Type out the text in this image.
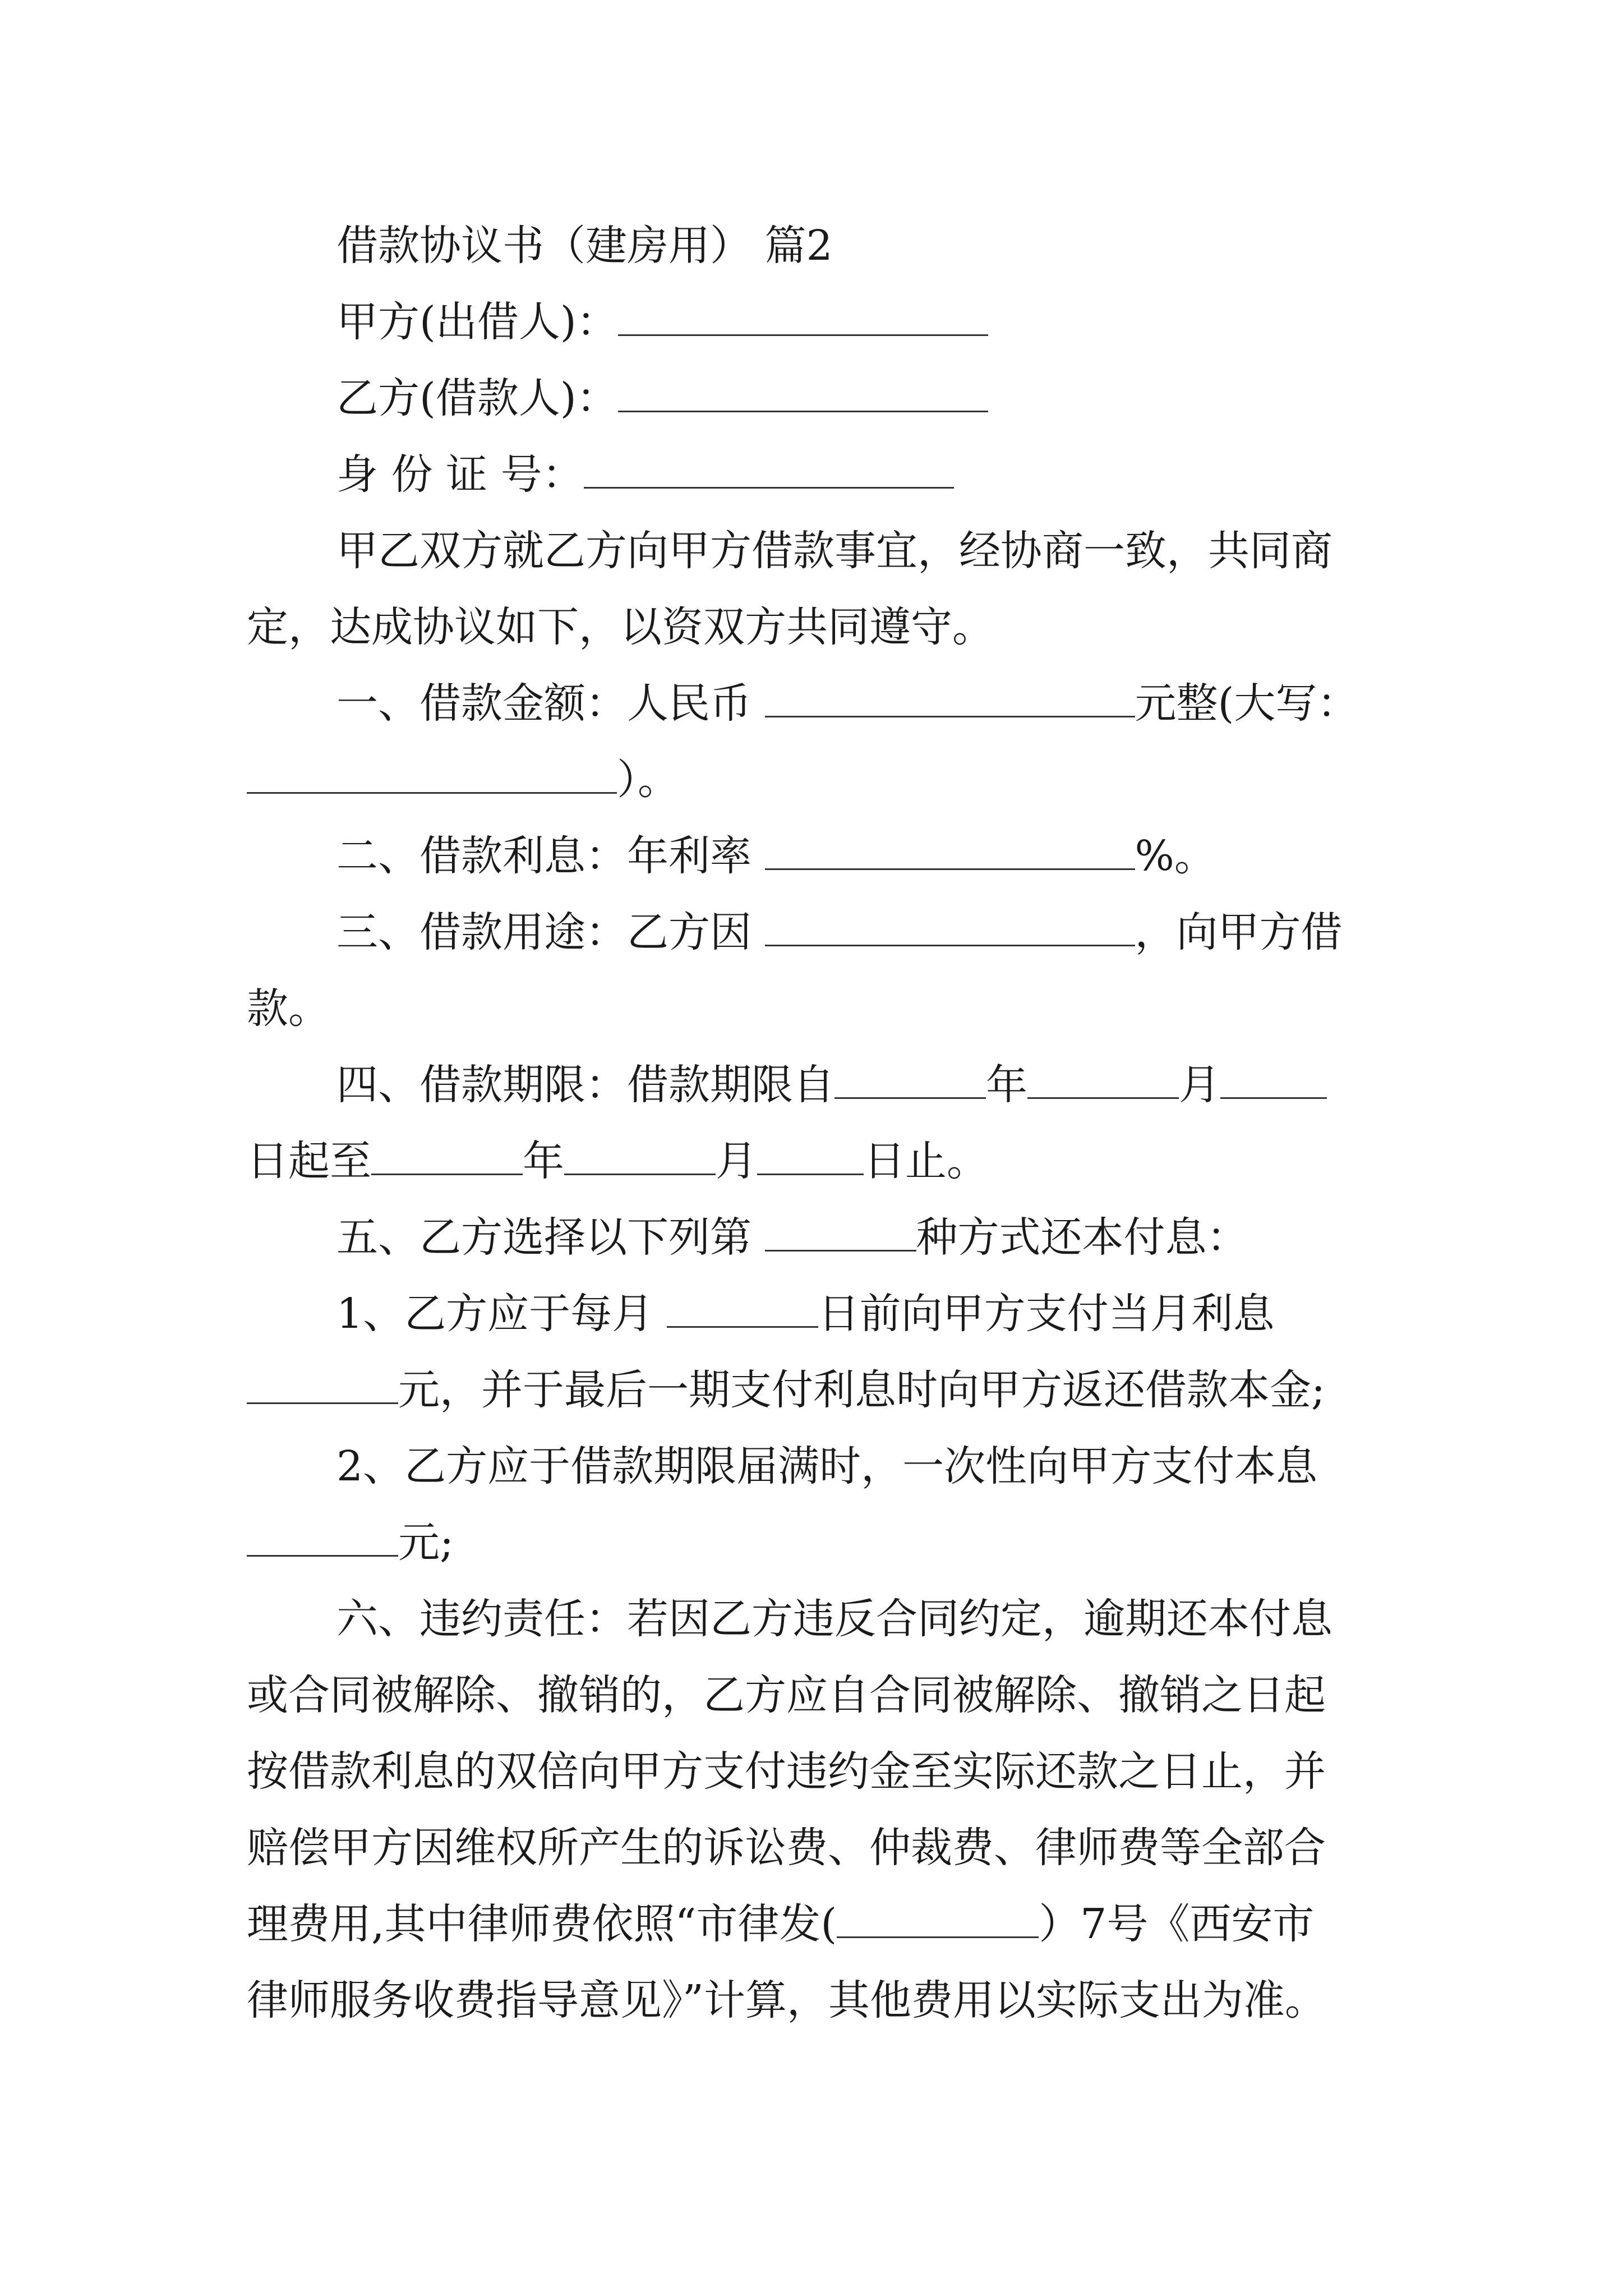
借款协议书（建房用） 篇2
甲方(出借人)：
乙方(借款人)：
身 份 证 号：
甲乙双方就乙方向甲方借款事宜，经协商一致，共同商
定，达成协议如下，以资双方共同遵守。
一、借款金额：人民币	元整(大写：
）。
二、借款利息：年利率	%。
三、借款用途：乙方因	，向甲方借
款。
四、借款期限：借款期限自	年	月
日起至	年	月	日止。
五、乙方选择以下列第	种方式还本付息：
1、乙方应于每月	日前向甲方支付当月利息
元，并于最后一期支付利息时向甲方返还借款本金;
2、乙方应于借款期限届满时，一次性向甲方支付本息
元;
六、违约责任：若因乙方违反合同约定，逾期还本付息
或合同被解除、撤销的，乙方应自合同被解除、撤销之日起
按借款利息的双倍向甲方支付违约金至实际还款之日止，并
赔偿甲方因维权所产生的诉讼费、仲裁费、律师费等全部合
理费用,其中律师费依照“市律发(	）7号《西安市
律师服务收费指导意见》”计算，其他费用以实际支出为准。
